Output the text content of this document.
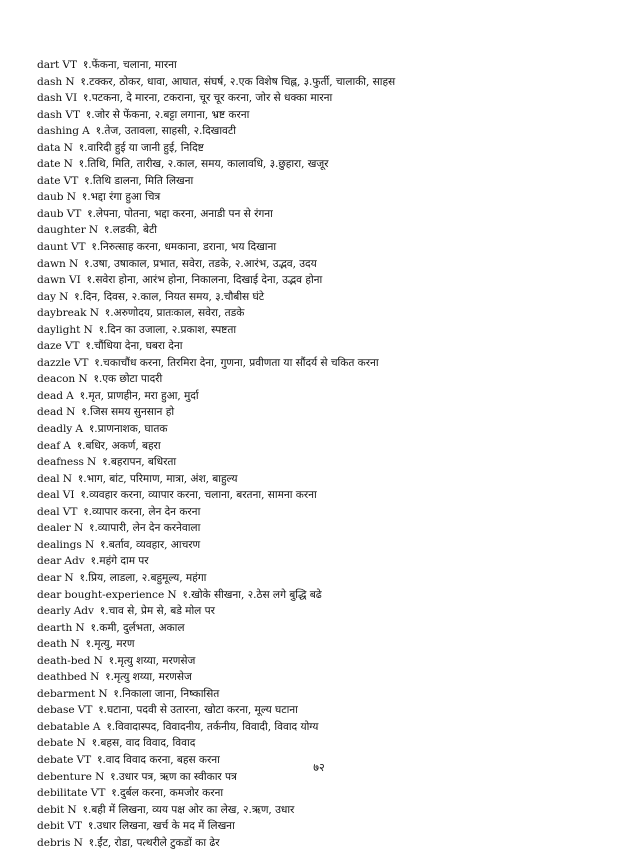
dart VT १.फेंकना, चलाना, मारना
dash N १.टक्कर, ठोकर, धावा, आघात, संघर्ष, २.एक विशेष चिह्न, ३.फुर्ती, चालाकी, साहस
dash VI १.पटकना, दे मारना, टकराना, चूर चूर करना, जोर से धक्का मारना
dash VT १.जोर से फेंकना, २.बट्टा लगाना, भ्रष्ट करना
dashing A १.तेज, उतावला, साहसी, २.दिखावटी
data N १.वारिदी हुई या जानी हुई, निदिष्ट
date N १.तिथि, मिति, तारीख, २.काल, समय, कालावधि, ३.छुहारा, खजूर
date VT १.तिथि डालना, मिति लिखना
daub N १.भद्दा रंगा हुआ चित्र
daub VT १.लेपना, पोतना, भद्दा करना, अनाडी पन से रंगना
daughter N १.लडकी, बेटी
daunt VT १.निरुत्साह करना, धमकाना, डराना, भय दिखाना
dawn N १.उषा, उषाकाल, प्रभात, सवेरा, तडके, २.आरंभ, उद्भव, उदय
dawn VI १.सवेरा होना, आरंभ होना, निकालना, दिखाई देना, उद्भव होना
day N १.दिन, दिवस, २.काल, नियत समय, ३.चौबीस घंटे
daybreak N १.अरुणोदय, प्रातःकाल, सवेरा, तडके
daylight N १.दिन का उजाला, २.प्रकाश, स्पष्टता
daze VT १.चौंधिया देना, घबरा देना
dazzle VT १.चकाचौंध करना, तिरमिरा देना, गुणना, प्रवीणता या सौंदर्य से चकित करना
deacon N १.एक छोटा पादरी
dead A १.मृत, प्राणहीन, मरा हुआ, मुर्दा
dead N १.जिस समय सुनसान हो
deadly A १.प्राणनाशक, घातक
deaf A १.बधिर, अकर्ण, बहरा
deafness N १.बहरापन, बधिरता
deal N १.भाग, बांट, परिमाण, मात्रा, अंश, बाहुल्य
deal VI १.व्यवहार करना, व्यापार करना, चलाना, बरतना, सामना करना
deal VT १.व्यापार करना, लेन देन करना
dealer N १.व्यापारी, लेन देन करनेवाला
dealings N १.बर्ताव, व्यवहार, आचरण
dear Adv १.महंगे दाम पर
dear N १.प्रिय, लाडला, २.बहुमूल्य, महंगा
dear bought-experience N १.खोके सीखना, २.ठेस लगे बुद्धि बढे
dearly Adv १.चाव से, प्रेम से, बडे मोल पर
dearth N १.कमी, दुर्लभता, अकाल
death N १.मृत्यु, मरण
death-bed N १.मृत्यु शय्या, मरणसेज
deathbed N १.मृत्यु शय्या, मरणसेज
debarment N १.निकाला जाना, निष्कासित
debase VT १.घटाना, पदवी से उतारना, खोटा करना, मूल्य घटाना
debatable A १.विवादास्पद, विवादनीय, तर्कनीय, विवादी, विवाद योग्य
debate N १.बहस, वाद विवाद, विवाद
debate VT १.वाद विवाद करना, बहस करना
debenture N १.उधार पत्र, ऋण का स्वीकार पत्र
debilitate VT १.दुर्बल करना, कमजोर करना
debit N १.बही में लिखना, व्यय पक्ष ओर का लेख, २.ऋण, उधार
debit VT १.उधार लिखना, खर्च के मद में लिखना
debris N १.ईंट, रोडा, पत्थरीले टुकडों का ढेर
७२
